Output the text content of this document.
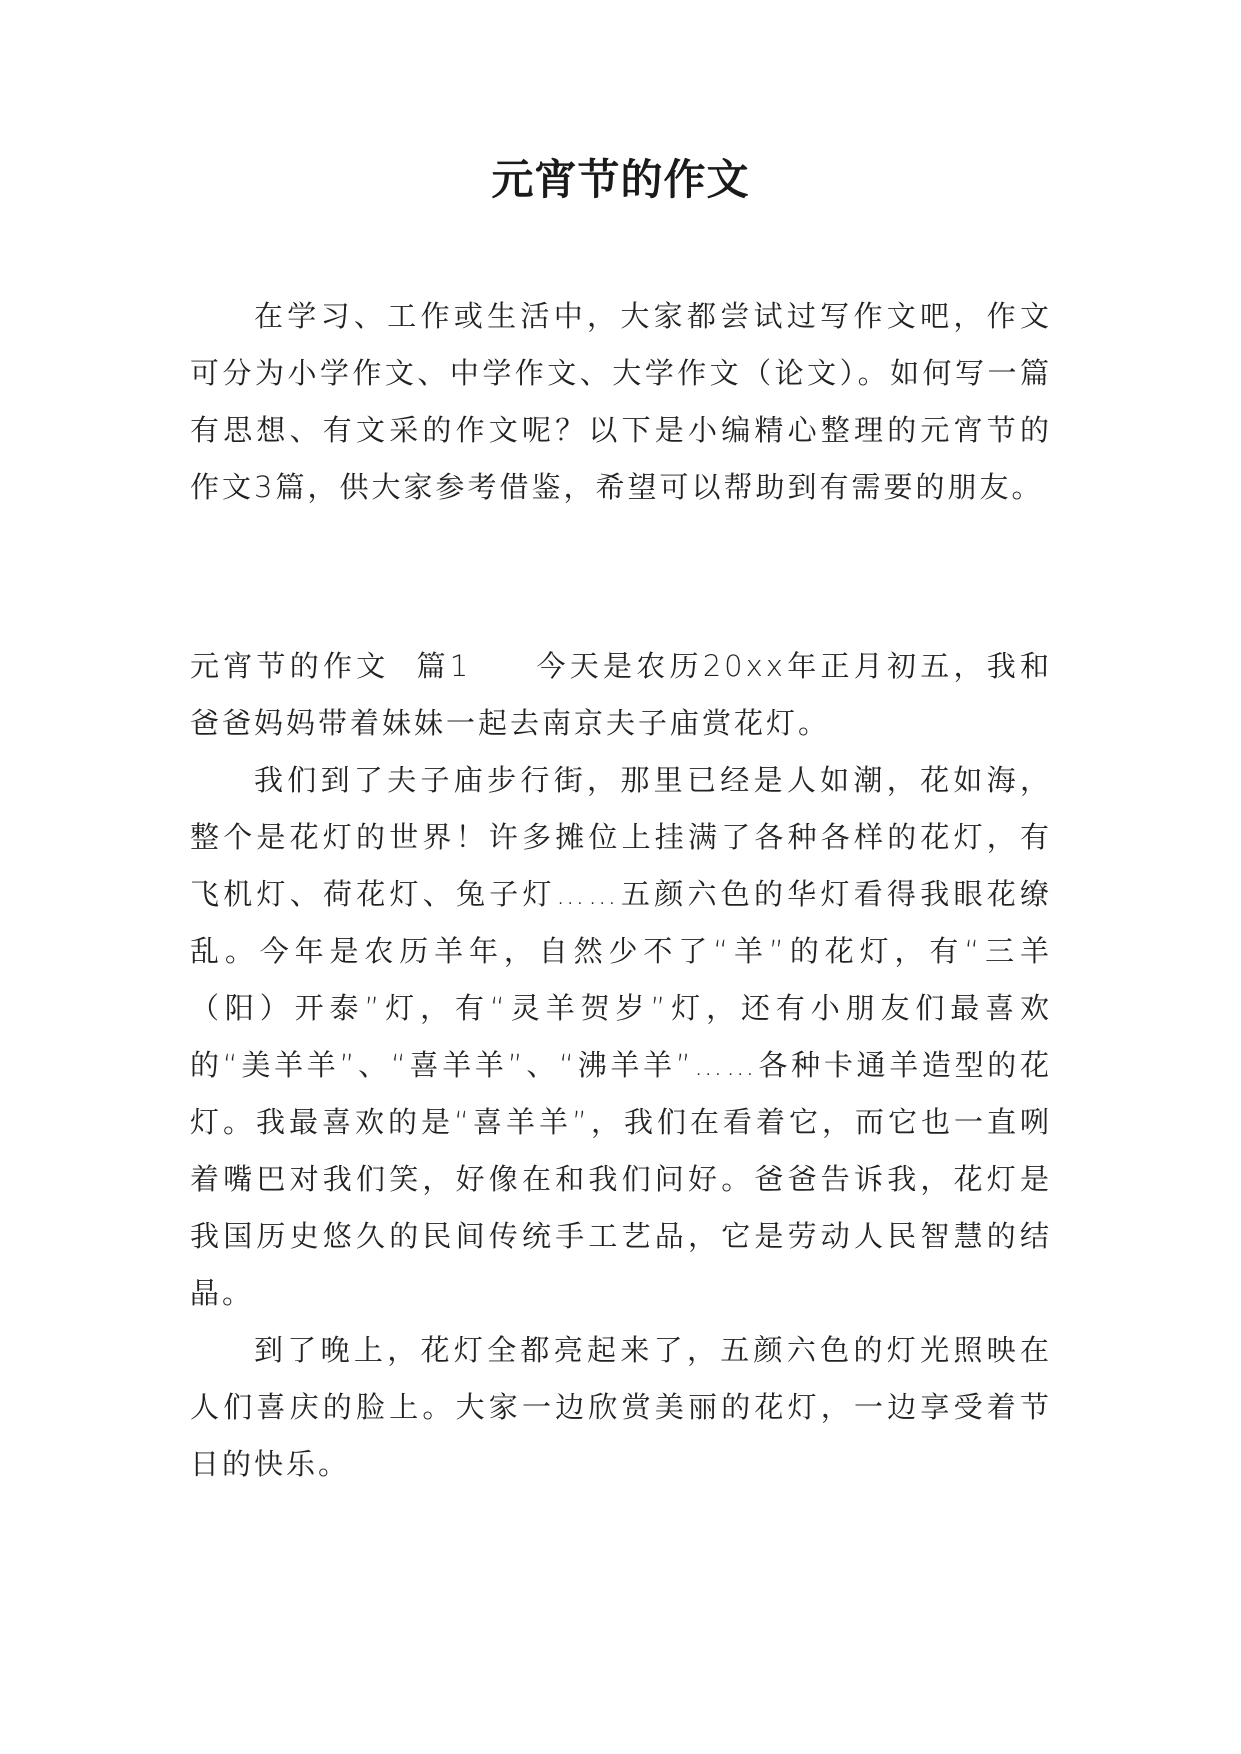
元宵节的作文

在学习、工作或生活中，大家都尝试过写作文吧，作文可分为小学作文、中学作文、大学作文（论文）。如何写一篇有思想、有文采的作文呢？以下是小编精心整理的元宵节的作文3篇，供大家参考借鉴，希望可以帮助到有需要的朋友。

元宵节的作文  篇1   今天是农历20xx年正月初五，我和爸爸妈妈带着妹妹一起去南京夫子庙赏花灯。

我们到了夫子庙步行街，那里已经是人如潮，花如海，整个是花灯的世界！许多摊位上挂满了各种各样的花灯，有飞机灯、荷花灯、兔子灯……五颜六色的华灯看得我眼花缭乱。今年是农历羊年，自然少不了“羊”的花灯，有“三羊（阳）开泰”灯，有“灵羊贺岁”灯，还有小朋友们最喜欢的“美羊羊”、“喜羊羊”、“沸羊羊”……各种卡通羊造型的花灯。我最喜欢的是“喜羊羊”，我们在看着它，而它也一直咧着嘴巴对我们笑，好像在和我们问好。爸爸告诉我，花灯是我国历史悠久的民间传统手工艺品，它是劳动人民智慧的结晶。

到了晚上，花灯全都亮起来了，五颜六色的灯光照映在人们喜庆的脸上。大家一边欣赏美丽的花灯，一边享受着节日的快乐。
